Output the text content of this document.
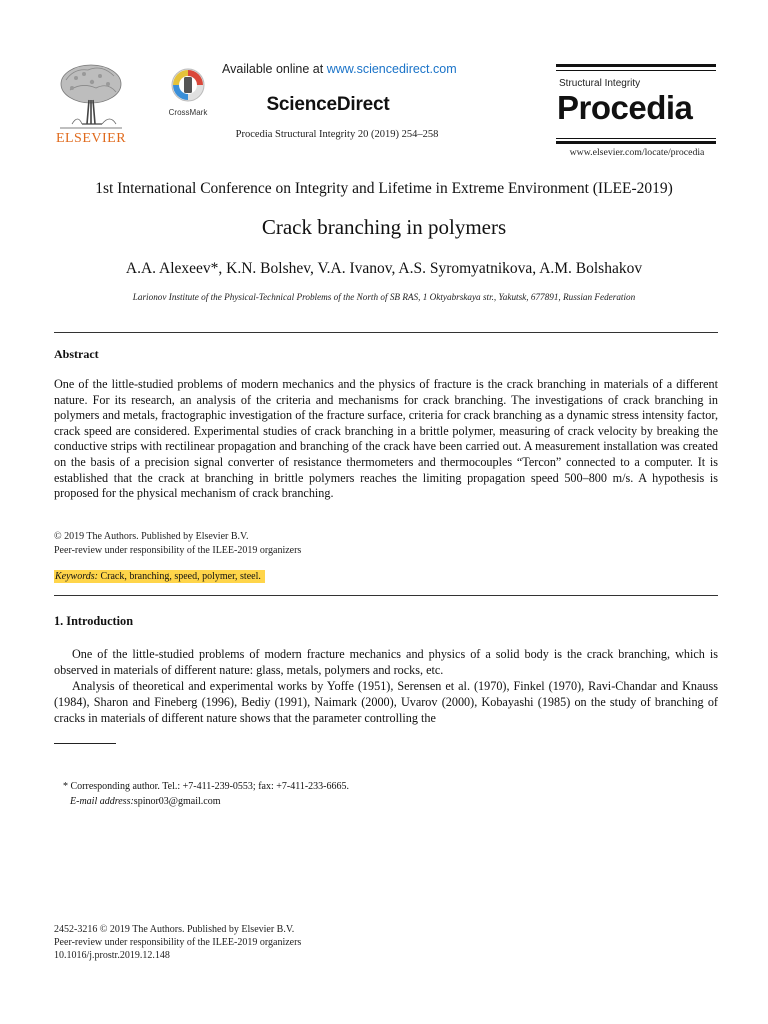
ELSEVIER
CrossMark
Available online at www.sciencedirect.com
ScienceDirect
Procedia Structural Integrity 20 (2019) 254–258
Structural Integrity
Procedia
www.elsevier.com/locate/procedia
1st International Conference on Integrity and Lifetime in Extreme Environment (ILEE-2019)
Crack branching in polymers
A.A. Alexeev*, K.N. Bolshev, V.A. Ivanov, A.S. Syromyatnikova, A.M. Bolshakov
Larionov Institute of the Physical-Technical Problems of the North of SB RAS, 1 Oktyabrskaya str., Yakutsk, 677891, Russian Federation
Abstract
One of the little-studied problems of modern mechanics and the physics of fracture is the crack branching in materials of a different nature. For its research, an analysis of the criteria and mechanisms for crack branching. The investigations of crack branching in polymers and metals, fractographic investigation of the fracture surface, criteria for crack branching as a dynamic stress intensity factor, crack speed are considered. Experimental studies of crack branching in a brittle polymer, measuring of crack velocity by breaking the conductive strips with rectilinear propagation and branching of the crack have been carried out. A measurement installation was created on the basis of a precision signal converter of resistance thermometers and thermocouples “Tercon” connected to a computer. It is established that the crack at branching in brittle polymers reaches the limiting propagation speed 500–800 m/s. A hypothesis is proposed for the physical mechanism of crack branching.
© 2019 The Authors. Published by Elsevier B.V.
Peer-review under responsibility of the ILEE-2019 organizers
Keywords: Crack, branching, speed, polymer, steel.
1. Introduction
One of the little-studied problems of modern fracture mechanics and physics of a solid body is the crack branching, which is observed in materials of different nature: glass, metals, polymers and rocks, etc.
Analysis of theoretical and experimental works by Yoffe (1951), Serensen et al. (1970), Finkel (1970), Ravi-Chandar and Knauss (1984), Sharon and Fineberg (1996), Bediy (1991), Naimark (2000), Uvarov (2000), Kobayashi (1985) on the study of branching of cracks in materials of different nature shows that the parameter controlling the
* Corresponding author. Tel.: +7-411-239-0553; fax: +7-411-233-6665.
E-mail address:spinor03@gmail.com
2452-3216 © 2019 The Authors. Published by Elsevier B.V.
Peer-review under responsibility of the ILEE-2019 organizers
10.1016/j.prostr.2019.12.148
